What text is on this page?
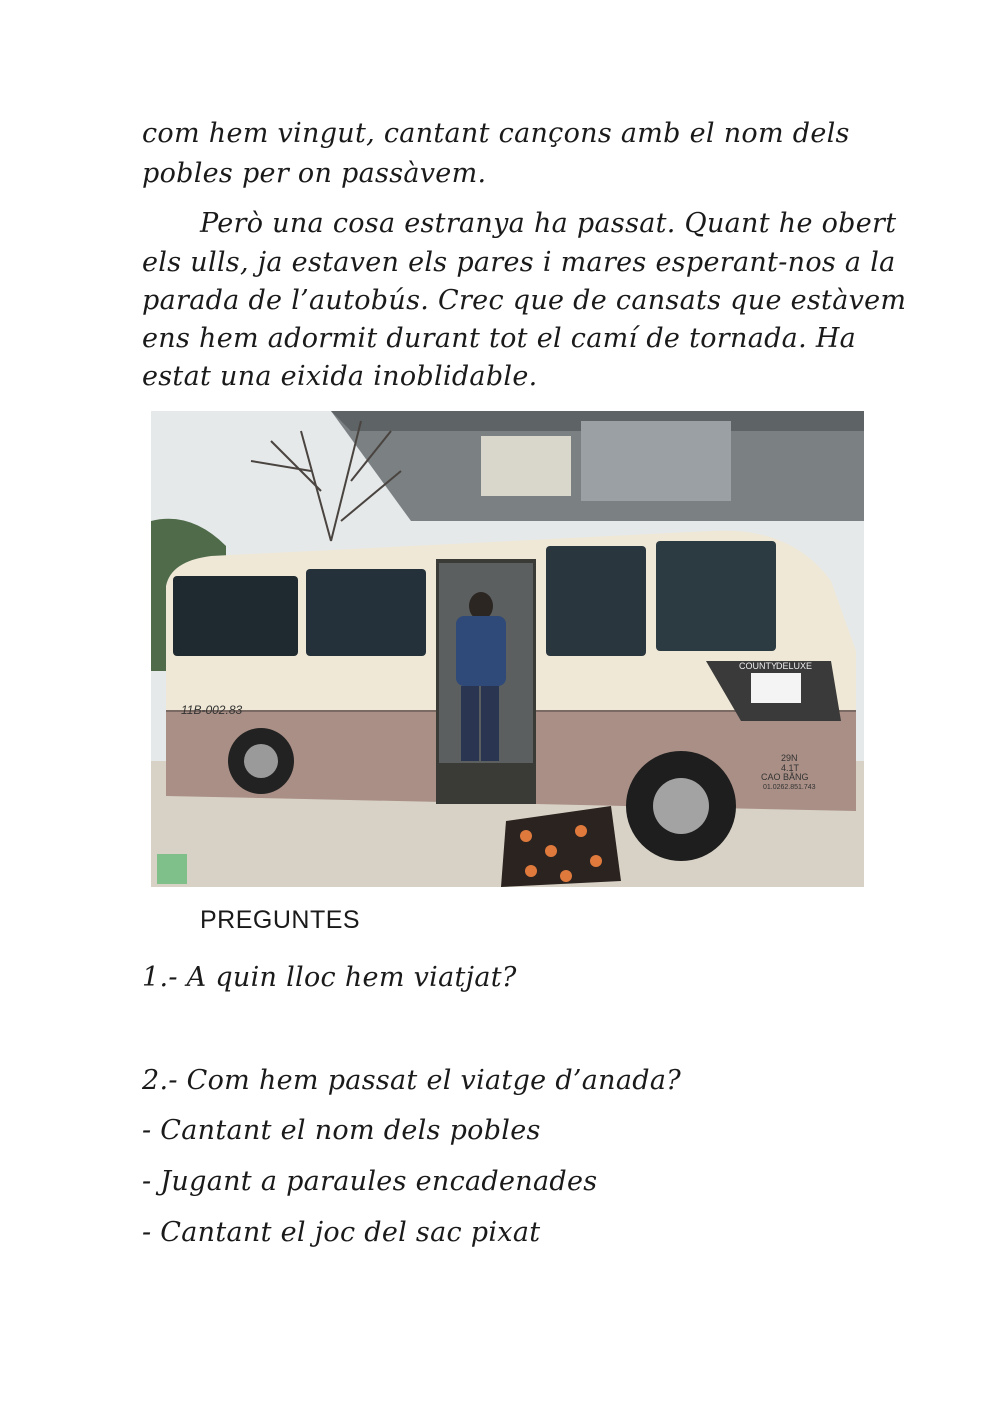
com hem vingut, cantant cançons amb el nom dels
pobles per on passàvem.
Però una cosa estranya ha passat. Quant he obert
els ulls, ja estaven els pares i mares esperant-nos a la
parada de l’autobús. Crec que de cansats que estàvem
ens hem adormit durant tot el camí de tornada. Ha
estat una eixida inoblidable.
11B-002.83
COUNTY DELUXE
29N
4.1T
CAO BẰNG
01.0262.851.743
PREGUNTES
1.- A quin lloc hem viatjat?
2.- Com hem passat el viatge d’anada?
- Cantant el nom dels pobles
- Jugant a paraules encadenades
- Cantant el joc del sac pixat
